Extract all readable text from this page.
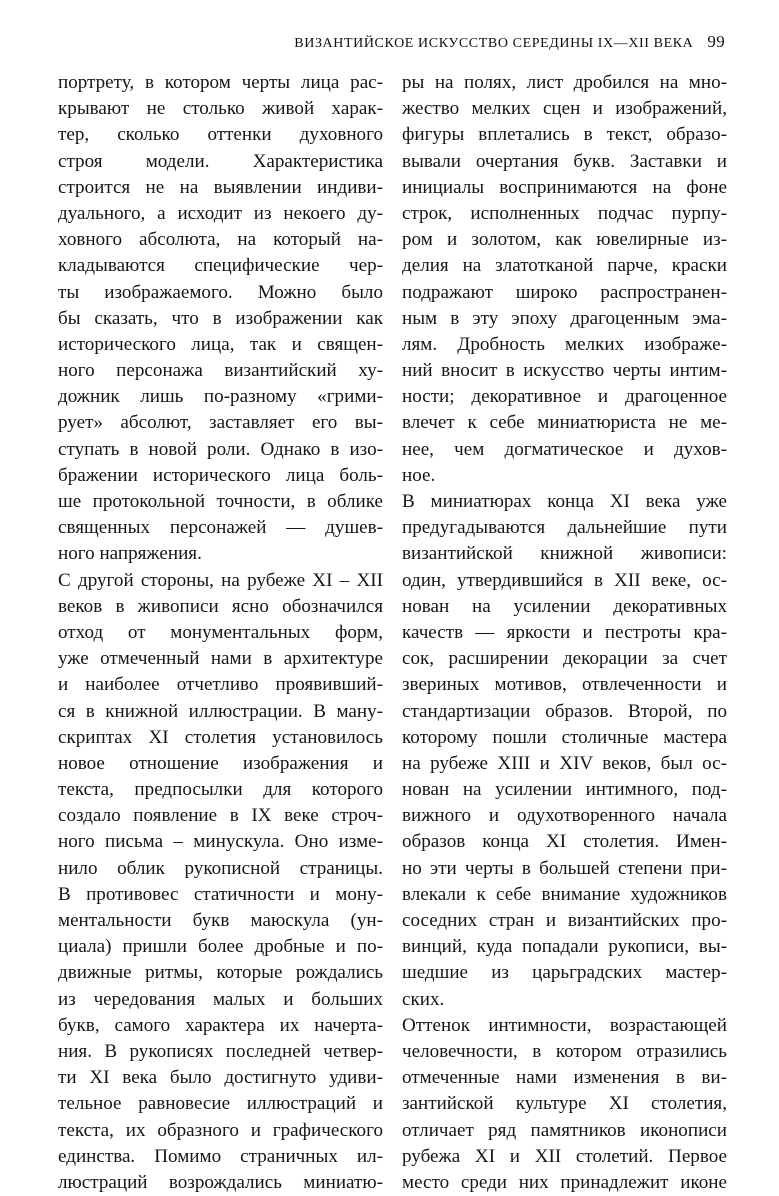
ВИЗАНТИЙСКОЕ ИСКУССТВО СЕРЕДИНЫ IX—XII ВЕКА 99
портрету, в котором черты лица рас-
крывают не столько живой харак-
тер, сколько оттенки духовного
строя модели. Характеристика
строится не на выявлении индиви-
дуального, а исходит из некоего ду-
ховного абсолюта, на который на-
кладываются специфические чер-
ты изображаемого. Можно было
бы сказать, что в изображении как
исторического лица, так и священ-
ного персонажа византийский ху-
дожник лишь по-разному «грими-
рует» абсолют, заставляет его вы-
ступать в новой роли. Однако в изо-
бражении исторического лица боль-
ше протокольной точности, в облике
священных персонажей — душев-
ного напряжения.
С другой стороны, на рубеже XI – XII
веков в живописи ясно обозначился
отход от монументальных форм,
уже отмеченный нами в архитектуре
и наиболее отчетливо проявивший-
ся в книжной иллюстрации. В ману-
скриптах XI столетия установилось
новое отношение изображения и
текста, предпосылки для которого
создало появление в IX веке строч-
ного письма – минускула. Оно изме-
нило облик рукописной страницы.
В противовес статичности и мону-
ментальности букв маюскула (ун-
циала) пришли более дробные и по-
движные ритмы, которые рождались
из чередования малых и больших
букв, самого характера их начерта-
ния. В рукописях последней четвер-
ти XI века было достигнуто удиви-
тельное равновесие иллюстраций и
текста, их образного и графического
единства. Помимо страничных ил-
люстраций возрождались миниатю-
ры на полях, лист дробился на мно-
жество мелких сцен и изображений,
фигуры вплетались в текст, образо-
вывали очертания букв. Заставки и
инициалы воспринимаются на фоне
строк, исполненных подчас пурпу-
ром и золотом, как ювелирные из-
делия на златотканой парче, краски
подражают широко распространен-
ным в эту эпоху драгоценным эма-
лям. Дробность мелких изображе-
ний вносит в искусство черты интим-
ности; декоративное и драгоценное
влечет к себе миниатюриста не ме-
нее, чем догматическое и духов-
ное.
В миниатюрах конца XI века уже
предугадываются дальнейшие пути
византийской книжной живописи:
один, утвердившийся в XII веке, ос-
нован на усилении декоративных
качеств — яркости и пестроты кра-
сок, расширении декорации за счет
звериных мотивов, отвлеченности и
стандартизации образов. Второй, по
которому пошли столичные мастера
на рубеже XIII и XIV веков, был ос-
нован на усилении интимного, под-
вижного и одухотворенного начала
образов конца XI столетия. Имен-
но эти черты в большей степени при-
влекали к себе внимание художников
соседних стран и византийских про-
винций, куда попадали рукописи, вы-
шедшие из царьградских мастер-
ских.
Оттенок интимности, возрастающей
человечности, в котором отразились
отмеченные нами изменения в ви-
зантийской культуре XI столетия,
отличает ряд памятников иконописи
рубежа XI и XII столетий. Первое
место среди них принадлежит иконе
